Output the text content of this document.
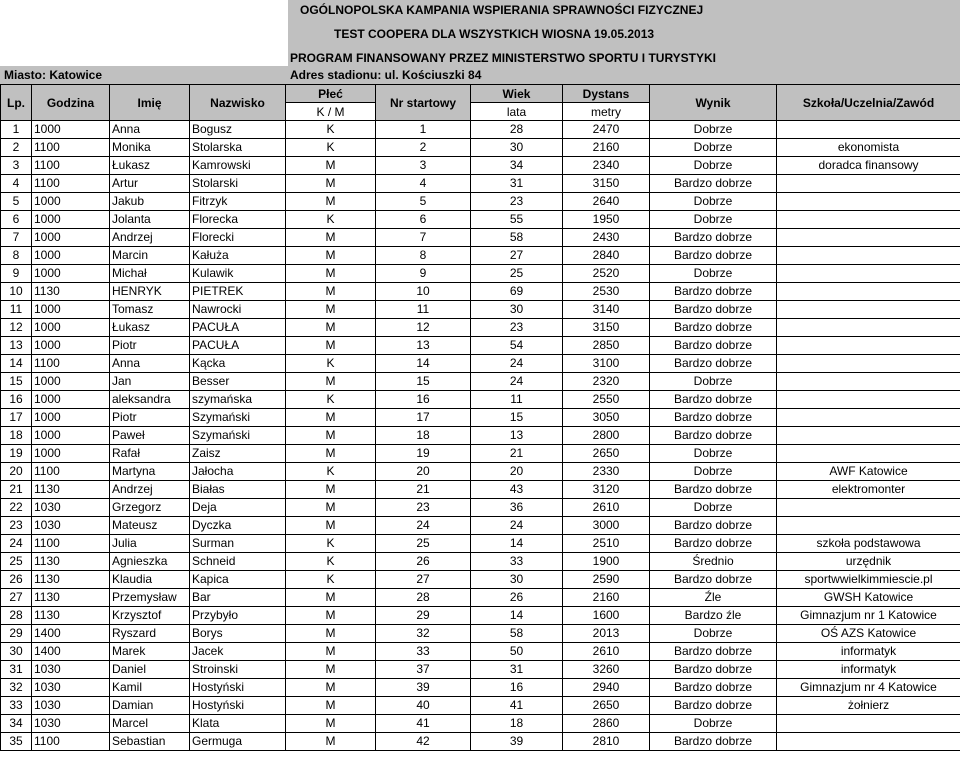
OGÓLNOPOLSKA KAMPANIA WSPIERANIA SPRAWNOŚCI FIZYCZNEJ
TEST COOPERA DLA WSZYSTKICH WIOSNA 19.05.2013
PROGRAM FINANSOWANY PRZEZ MINISTERSTWO SPORTU I TURYSTYKI
Miasto: Katowice	Adres stadionu: ul. Kościuszki 84
Lp.	Godzina	Imię	Nazwisko	Płeć	Nr startowy	Wiek	Dystans	Wynik	Szkoła/Uczelnia/Zawód
				K / M		lata	metry		
1	1000	Anna	Bogusz	K	1	28	2470	Dobrze	
2	1100	Monika	Stolarska	K	2	30	2160	Dobrze	ekonomista
3	1100	Łukasz	Kamrowski	M	3	34	2340	Dobrze	doradca finansowy
4	1100	Artur	Stolarski	M	4	31	3150	Bardzo dobrze	
5	1000	Jakub	Fitrzyk	M	5	23	2640	Dobrze	
6	1000	Jolanta	Florecka	K	6	55	1950	Dobrze	
7	1000	Andrzej	Florecki	M	7	58	2430	Bardzo dobrze	
8	1000	Marcin	Kałuża	M	8	27	2840	Bardzo dobrze	
9	1000	Michał	Kulawik	M	9	25	2520	Dobrze	
10	1130	HENRYK	PIETREK	M	10	69	2530	Bardzo dobrze	
11	1000	Tomasz	Nawrocki	M	11	30	3140	Bardzo dobrze	
12	1000	Łukasz	PACUŁA	M	12	23	3150	Bardzo dobrze	
13	1000	Piotr	PACUŁA	M	13	54	2850	Bardzo dobrze	
14	1100	Anna	Kącka	K	14	24	3100	Bardzo dobrze	
15	1000	Jan	Besser	M	15	24	2320	Dobrze	
16	1000	aleksandra	szymańska	K	16	11	2550	Bardzo dobrze	
17	1000	Piotr	Szymański	M	17	15	3050	Bardzo dobrze	
18	1000	Paweł	Szymański	M	18	13	2800	Bardzo dobrze	
19	1000	Rafał	Zaisz	M	19	21	2650	Dobrze	
20	1100	Martyna	Jałocha	K	20	20	2330	Dobrze	AWF Katowice
21	1130	Andrzej	Białas	M	21	43	3120	Bardzo dobrze	elektromonter
22	1030	Grzegorz	Deja	M	23	36	2610	Dobrze	
23	1030	Mateusz	Dyczka	M	24	24	3000	Bardzo dobrze	
24	1100	Julia	Surman	K	25	14	2510	Bardzo dobrze	szkoła podstawowa
25	1130	Agnieszka	Schneid	K	26	33	1900	Średnio	urzędnik
26	1130	Klaudia	Kapica	K	27	30	2590	Bardzo dobrze	sportwwielkimmiescie.pl
27	1130	Przemysław	Bar	M	28	26	2160	Źle	GWSH Katowice
28	1130	Krzysztof	Przybyło	M	29	14	1600	Bardzo źle	Gimnazjum nr 1 Katowice
29	1400	Ryszard	Borys	M	32	58	2013	Dobrze	OŚ AZS Katowice
30	1400	Marek	Jacek	M	33	50	2610	Bardzo dobrze	informatyk
31	1030	Daniel	Stroinski	M	37	31	3260	Bardzo dobrze	informatyk
32	1030	Kamil	Hostyński	M	39	16	2940	Bardzo dobrze	Gimnazjum nr 4 Katowice
33	1030	Damian	Hostyński	M	40	41	2650	Bardzo dobrze	żołnierz
34	1030	Marcel	Klata	M	41	18	2860	Dobrze	
35	1100	Sebastian	Germuga	M	42	39	2810	Bardzo dobrze	
